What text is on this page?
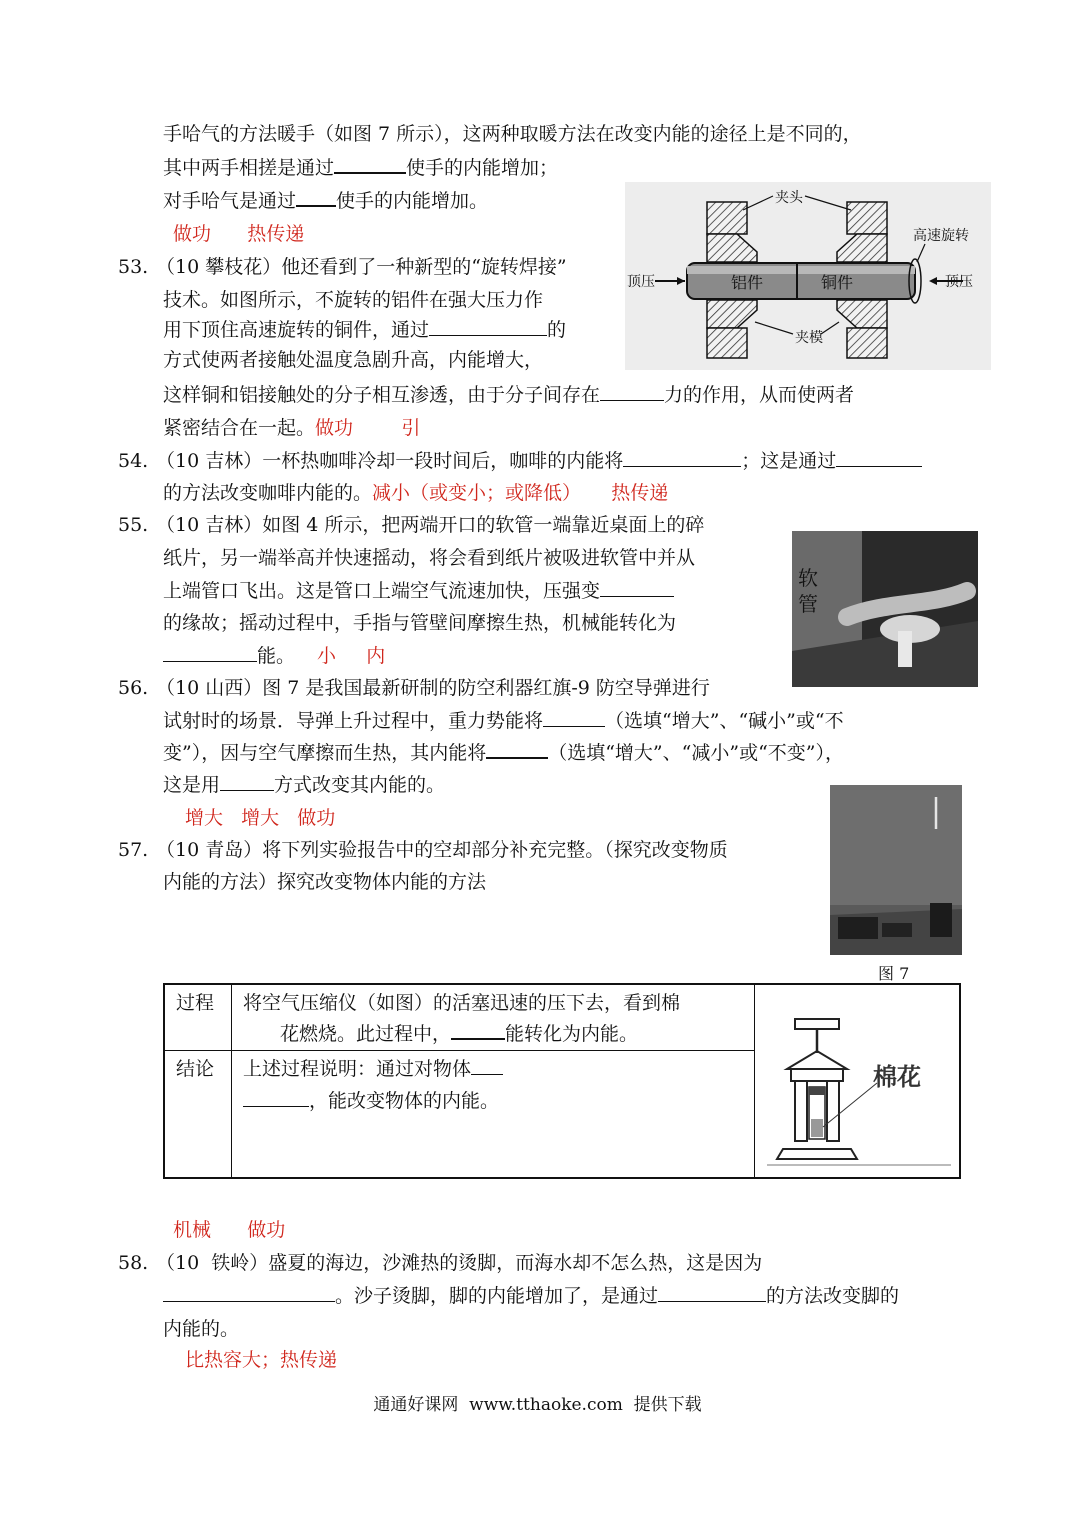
手哈气的方法暖手（如图 7 所示），这两种取暖方法在改变内能的途径上是不同的，
其中两手相搓是通过	使手的内能增加；
对手哈气是通过 使手的内能增加。
做功      热传递
53. （10 攀枝花）他还看到了一种新型的“旋转焊接”
技术。如图所示，不旋转的铝件在强大压力作
用下顶住高速旋转的铜件，通过	的
方式使两者接触处温度急剧升高，内能增大，
这样铜和铝接触处的分子相互渗透，由于分子间存在	力的作用，从而使两者
紧密结合在一起。做功        引
夹头
高速旋转
顶压	顶压
铝件	铜件
夹模
54. （10 吉林）一杯热咖啡冷却一段时间后，咖啡的内能将	；这是通过
的方法改变咖啡内能的。减小（或变小；或降低）     热传递
55. （10 吉林）如图 4 所示，把两端开口的软管一端靠近桌面上的碎
纸片，另一端举高并快速摇动，将会看到纸片被吸进软管中并从
上端管口飞出。这是管口上端空气流速加快，压强变
的缘故；摇动过程中，手指与管壁间摩擦生热，机械能转化为
能。 小     内
软
管
56. （10 山西）图 7 是我国最新研制的防空利器红旗-9 防空导弹进行
试射时的场景．导弹上升过程中，重力势能将	（选填“增大”、“碱小”或“不
变”），因与空气摩擦而生热，其内能将	（选填“增大”、“减小”或“不变”），
这是用	方式改变其内能的。
增大   增大   做功
图 7
57. （10 青岛）将下列实验报告中的空却部分补充完整。（探究改变物质
内能的方法）探究改变物体内能的方法
过程 将空气压缩仪（如图）的活塞迅速的压下去，看到棉
花燃烧。此过程中，	能转化为内能。
结论 上述过程说明：通过对物体
，能改变物体的内能。
棉花
机械      做功
58. （10  铁岭）盛夏的海边，沙滩热的烫脚，而海水却不怎么热，这是因为
。沙子烫脚，脚的内能增加了，是通过	的方法改变脚的
内能的。
比热容大；热传递
通通好课网  www.tthaoke.com  提供下载
